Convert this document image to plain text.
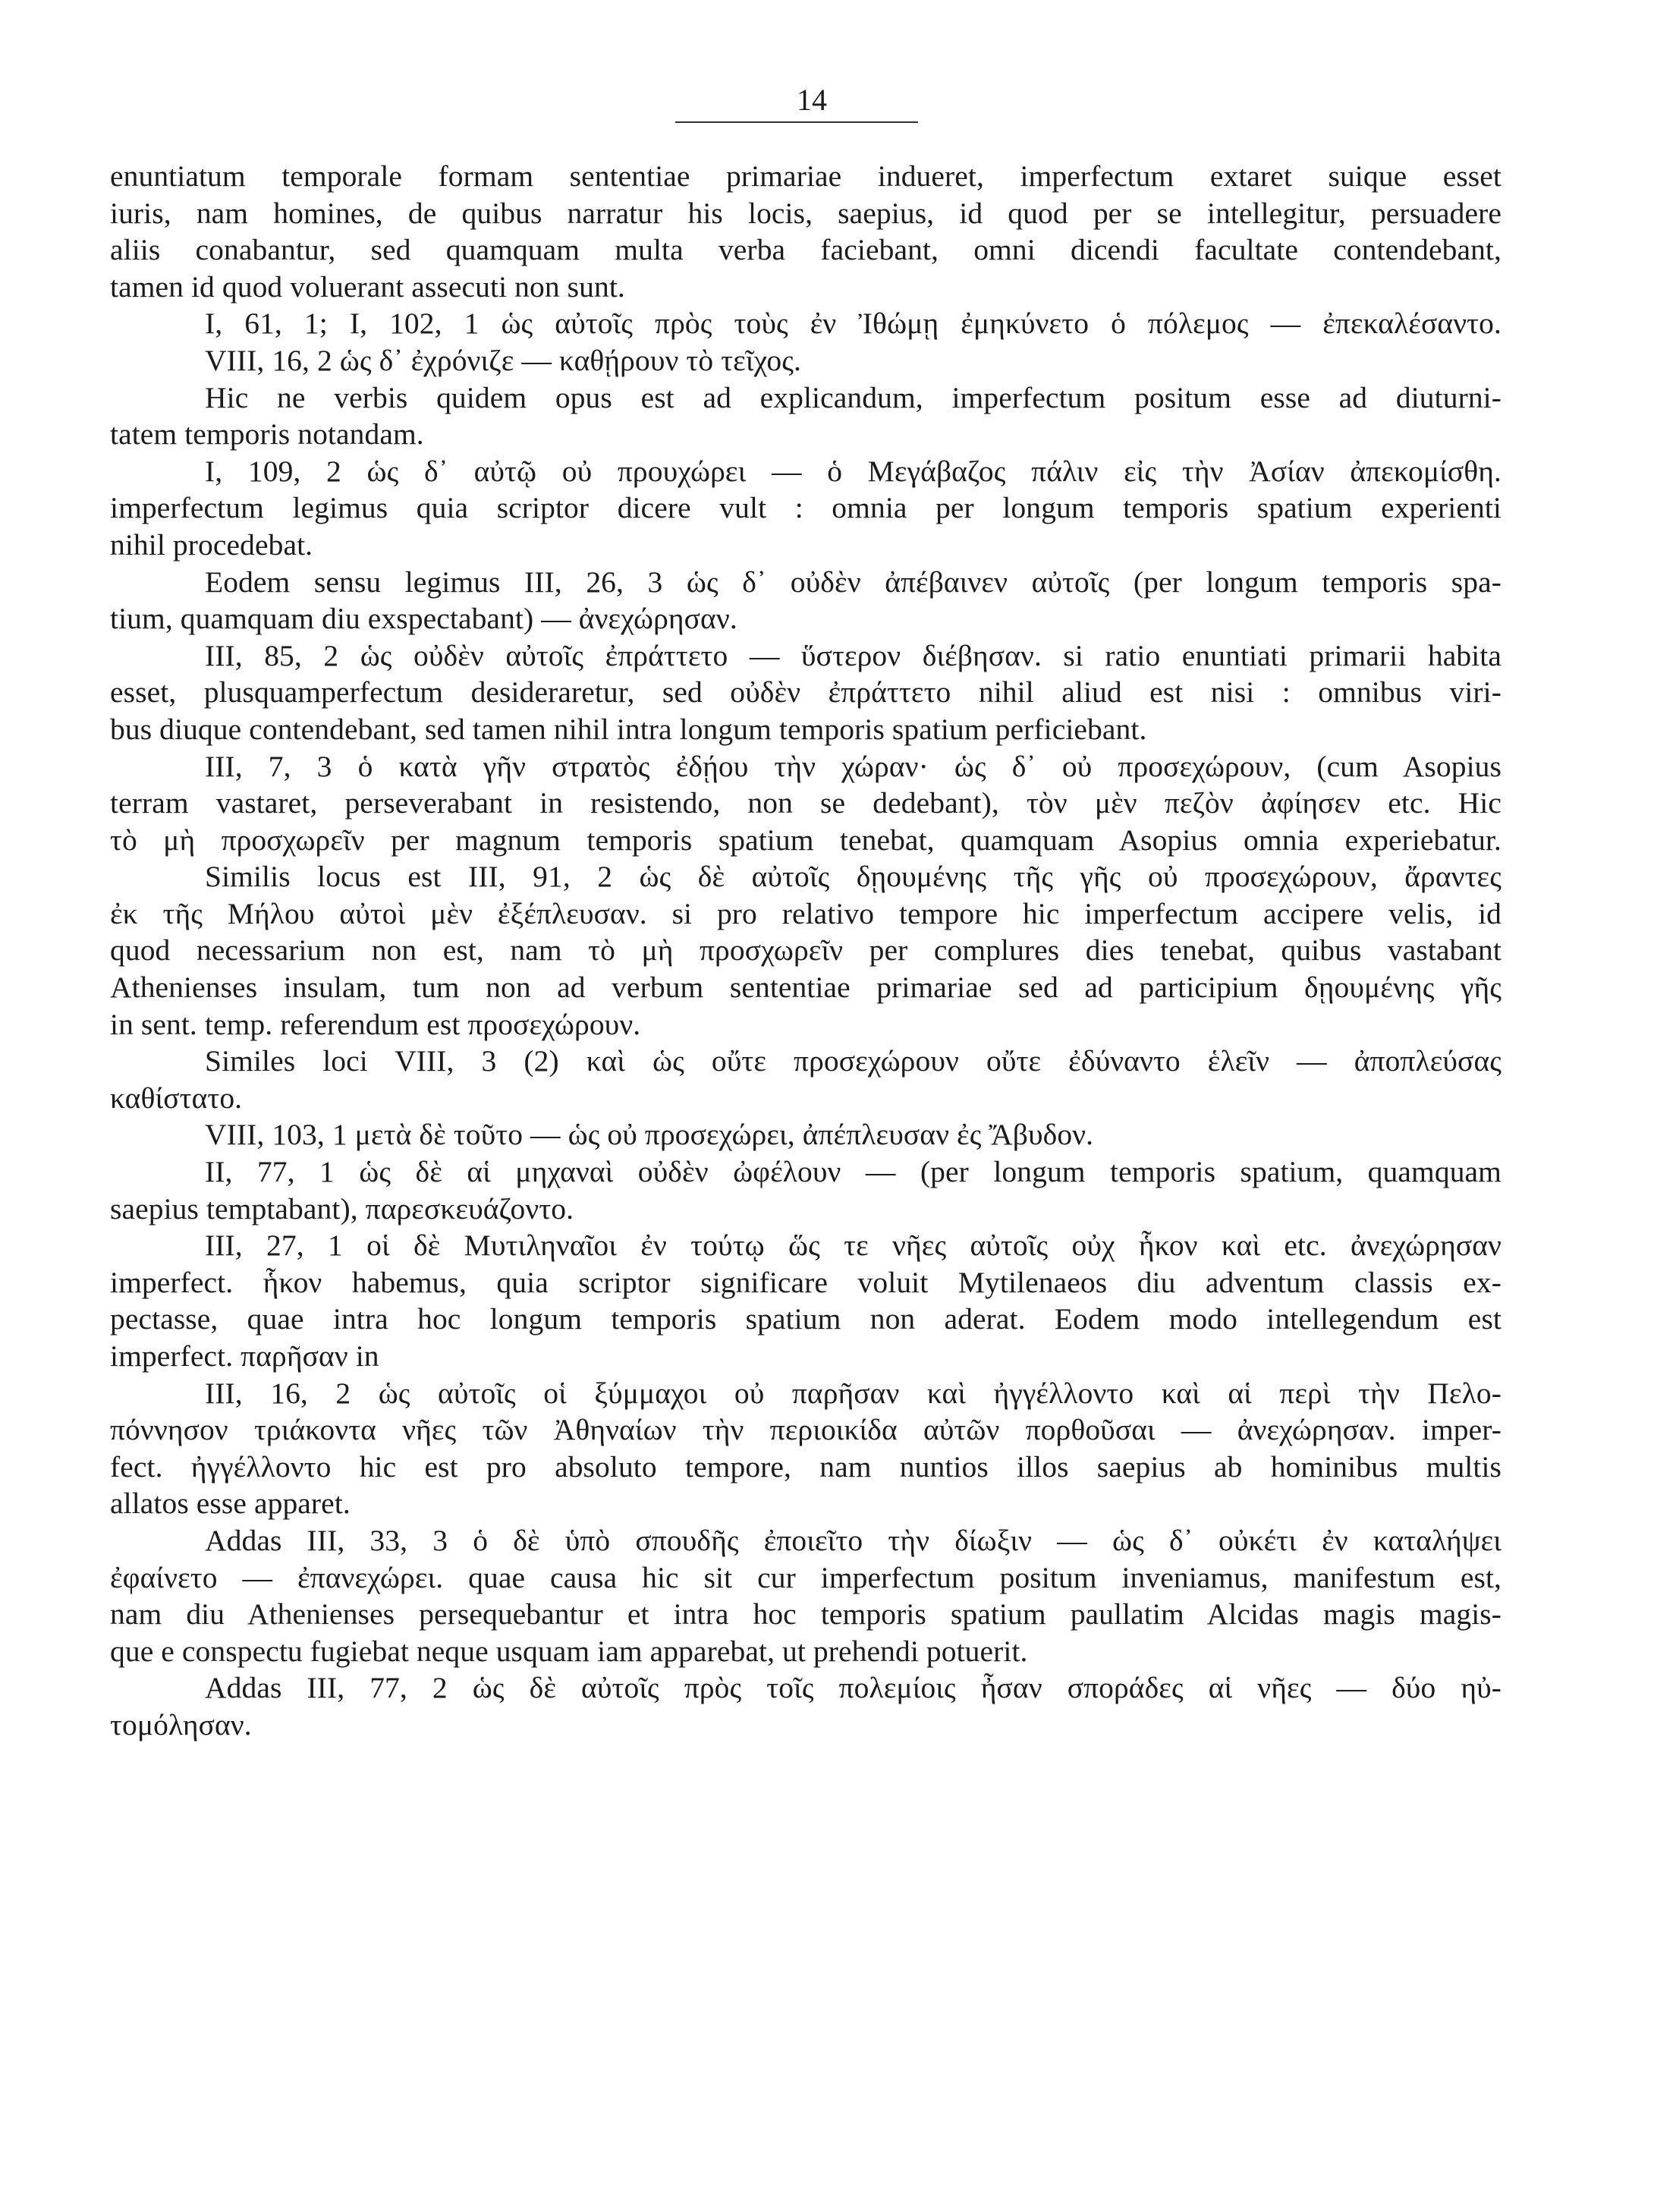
14
enuntiatum temporale formam sententiae primariae indueret, imperfectum extaret suique esset
iuris, nam homines, de quibus narratur his locis, saepius, id quod per se intellegitur, persuadere
aliis conabantur, sed quamquam multa verba faciebant, omni dicendi facultate contendebant,
tamen id quod voluerant assecuti non sunt.
I, 61, 1; I, 102, 1 ὡς αὐτοῖς πρὸς τοὺς ἐν Ἰθώμῃ ἐμηκύνετο ὁ πόλεμος — ἐπεκαλέσαντο.
VIII, 16, 2 ὡς δ᾽ ἐχρόνιζε — καθῄρουν τὸ τεῖχος.
Hic ne verbis quidem opus est ad explicandum, imperfectum positum esse ad diuturni-
tatem temporis notandam.
I, 109, 2 ὡς δ᾽ αὐτῷ οὐ προυχώρει — ὁ Μεγάβαζος πάλιν εἰς τὴν Ἀσίαν ἀπεκομίσθη.
imperfectum legimus quia scriptor dicere vult : omnia per longum temporis spatium experienti
nihil procedebat.
Eodem sensu legimus III, 26, 3 ὡς δ᾽ οὐδὲν ἀπέβαινεν αὐτοῖς (per longum temporis spa-
tium, quamquam diu exspectabant) — ἀνεχώρησαν.
III, 85, 2 ὡς οὐδὲν αὐτοῖς ἐπράττετο — ὕστερον διέβησαν. si ratio enuntiati primarii habita
esset, plusquamperfectum desideraretur, sed οὐδὲν ἐπράττετο nihil aliud est nisi : omnibus viri-
bus diuque contendebant, sed tamen nihil intra longum temporis spatium perficiebant.
III, 7, 3 ὁ κατὰ γῆν στρατὸς ἐδῄου τὴν χώραν· ὡς δ᾽ οὐ προσεχώρουν, (cum Asopius
terram vastaret, perseverabant in resistendo, non se dedebant), τὸν μὲν πεζὸν ἀφίησεν etc. Hic
τὸ μὴ προσχωρεῖν per magnum temporis spatium tenebat, quamquam Asopius omnia experiebatur.
Similis locus est III, 91, 2 ὡς δὲ αὐτοῖς δῃουμένης τῆς γῆς οὐ προσεχώρουν, ἄραντες
ἐκ τῆς Μήλου αὐτοὶ μὲν ἐξέπλευσαν. si pro relativo tempore hic imperfectum accipere velis, id
quod necessarium non est, nam τὸ μὴ προσχωρεῖν per complures dies tenebat, quibus vastabant
Athenienses insulam, tum non ad verbum sententiae primariae sed ad participium δῃουμένης γῆς
in sent. temp. referendum est προσεχώρουν.
Similes loci VIII, 3 (2) καὶ ὡς οὔτε προσεχώρουν οὔτε ἐδύναντο ἑλεῖν — ἀποπλεύσας
καθίστατο.
VIII, 103, 1 μετὰ δὲ τοῦτο — ὡς οὐ προσεχώρει, ἀπέπλευσαν ἐς Ἄβυδον.
II, 77, 1 ὡς δὲ αἱ μηχαναὶ οὐδὲν ὠφέλουν — (per longum temporis spatium, quamquam
saepius temptabant), παρεσκευάζοντο.
III, 27, 1 οἱ δὲ Μυτιληναῖοι ἐν τούτῳ ὥς τε νῆες αὐτοῖς οὐχ ἧκον καὶ etc. ἀνεχώρησαν
imperfect. ἧκον habemus, quia scriptor significare voluit Mytilenaeos diu adventum classis ex-
pectasse, quae intra hoc longum temporis spatium non aderat. Eodem modo intellegendum est
imperfect. παρῆσαν in
III, 16, 2 ὡς αὐτοῖς οἱ ξύμμαχοι οὐ παρῆσαν καὶ ἠγγέλλοντο καὶ αἱ περὶ τὴν Πελο-
πόννησον τριάκοντα νῆες τῶν Ἀθηναίων τὴν περιοικίδα αὐτῶν πορθοῦσαι — ἀνεχώρησαν. imper-
fect. ἠγγέλλοντο hic est pro absoluto tempore, nam nuntios illos saepius ab hominibus multis
allatos esse apparet.
Addas III, 33, 3 ὁ δὲ ὑπὸ σπουδῆς ἐποιεῖτο τὴν δίωξιν — ὡς δ᾽ οὐκέτι ἐν καταλήψει
ἐφαίνετο — ἐπανεχώρει. quae causa hic sit cur imperfectum positum inveniamus, manifestum est,
nam diu Athenienses persequebantur et intra hoc temporis spatium paullatim Alcidas magis magis-
que e conspectu fugiebat neque usquam iam apparebat, ut prehendi potuerit.
Addas III, 77, 2 ὡς δὲ αὐτοῖς πρὸς τοῖς πολεμίοις ἦσαν σποράδες αἱ νῆες — δύο ηὐ-
τομόλησαν.
